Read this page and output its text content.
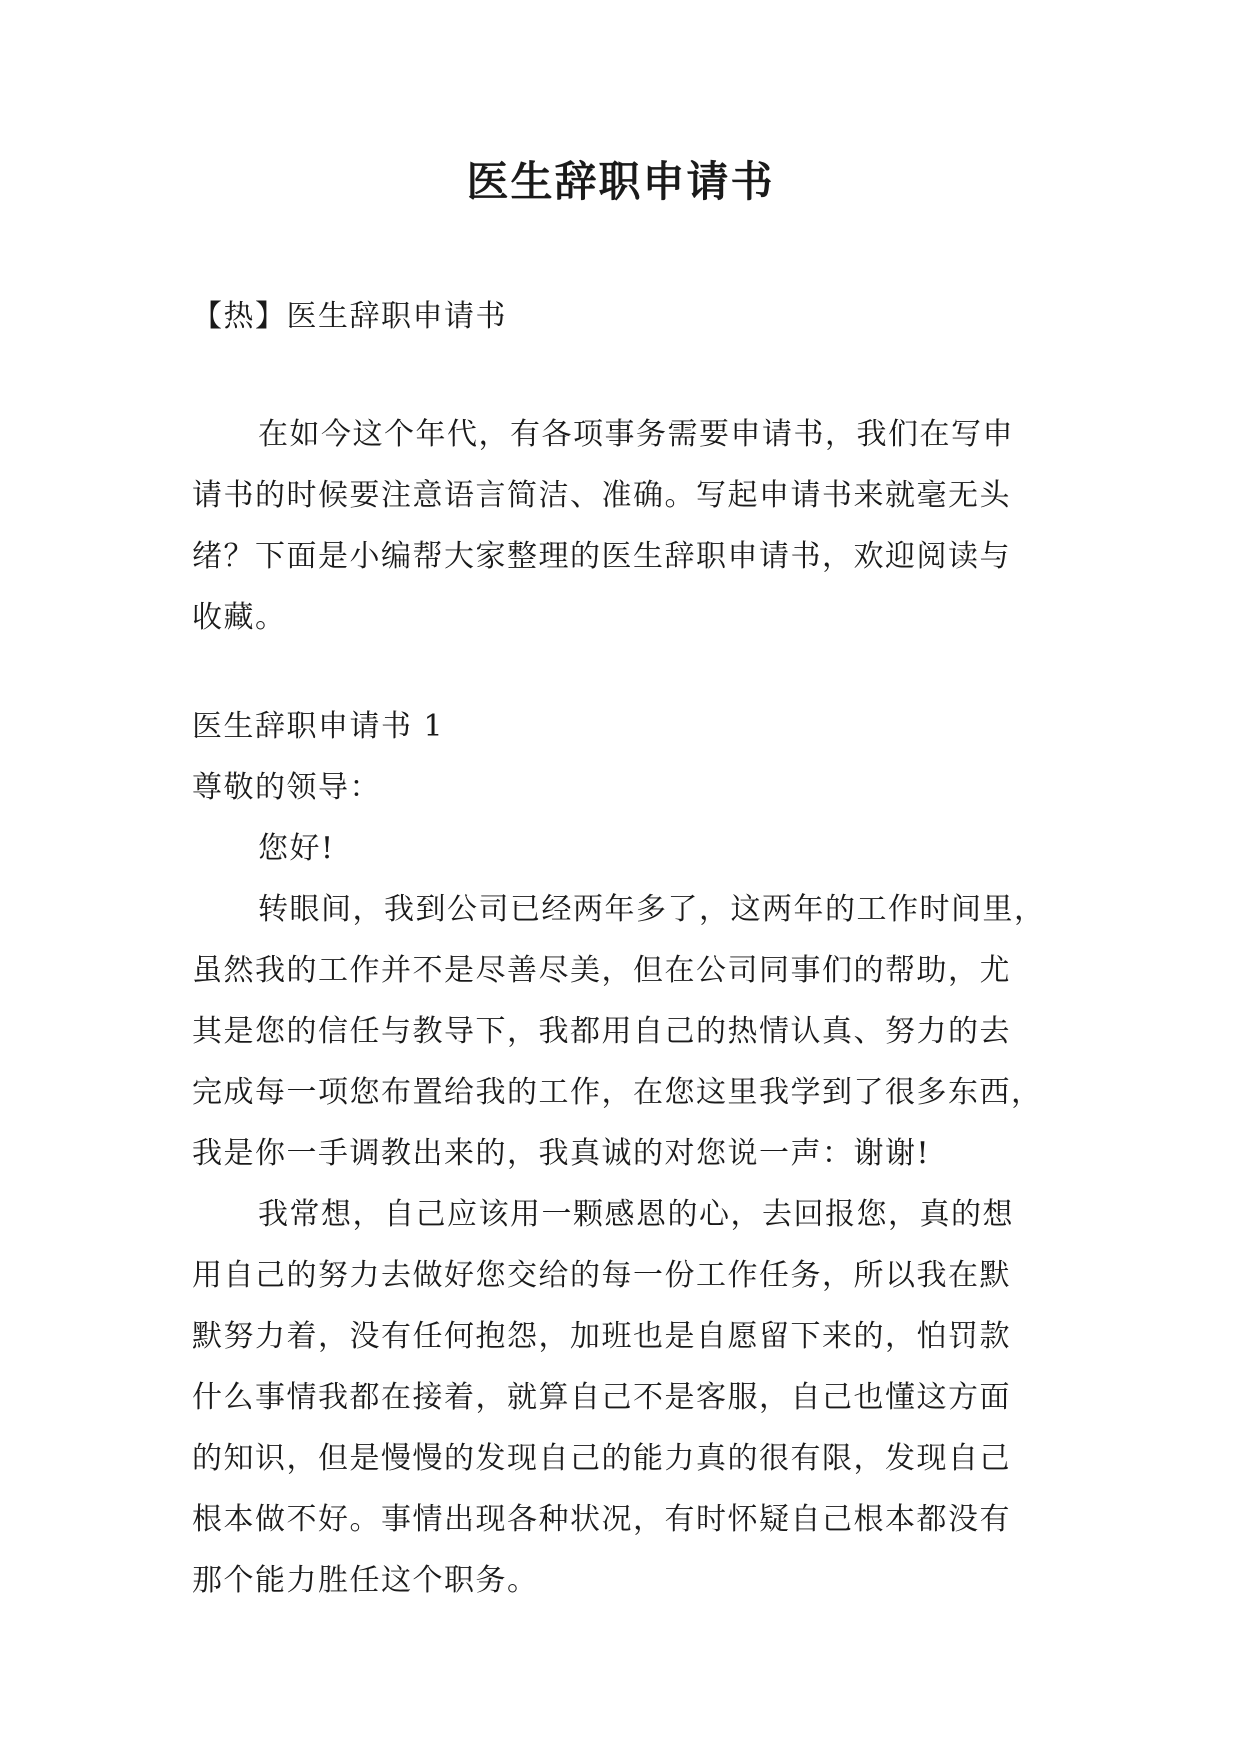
医生辞职申请书

【热】医生辞职申请书

在如今这个年代，有各项事务需要申请书，我们在写申

请书的时候要注意语言简洁、准确。写起申请书来就毫无头

绪？下面是小编帮大家整理的医生辞职申请书，欢迎阅读与

收藏。

医生辞职申请书 1

尊敬的领导：

您好!

转眼间，我到公司已经两年多了，这两年的工作时间里，

虽然我的工作并不是尽善尽美，但在公司同事们的帮助，尤

其是您的信任与教导下，我都用自己的热情认真、努力的去

完成每一项您布置给我的工作，在您这里我学到了很多东西，

我是你一手调教出来的，我真诚的对您说一声：谢谢!

我常想，自己应该用一颗感恩的心，去回报您，真的想

用自己的努力去做好您交给的每一份工作任务，所以我在默

默努力着，没有任何抱怨，加班也是自愿留下来的，怕罚款

什么事情我都在接着，就算自己不是客服，自己也懂这方面

的知识，但是慢慢的发现自己的能力真的很有限，发现自己

根本做不好。事情出现各种状况，有时怀疑自己根本都没有

那个能力胜任这个职务。
